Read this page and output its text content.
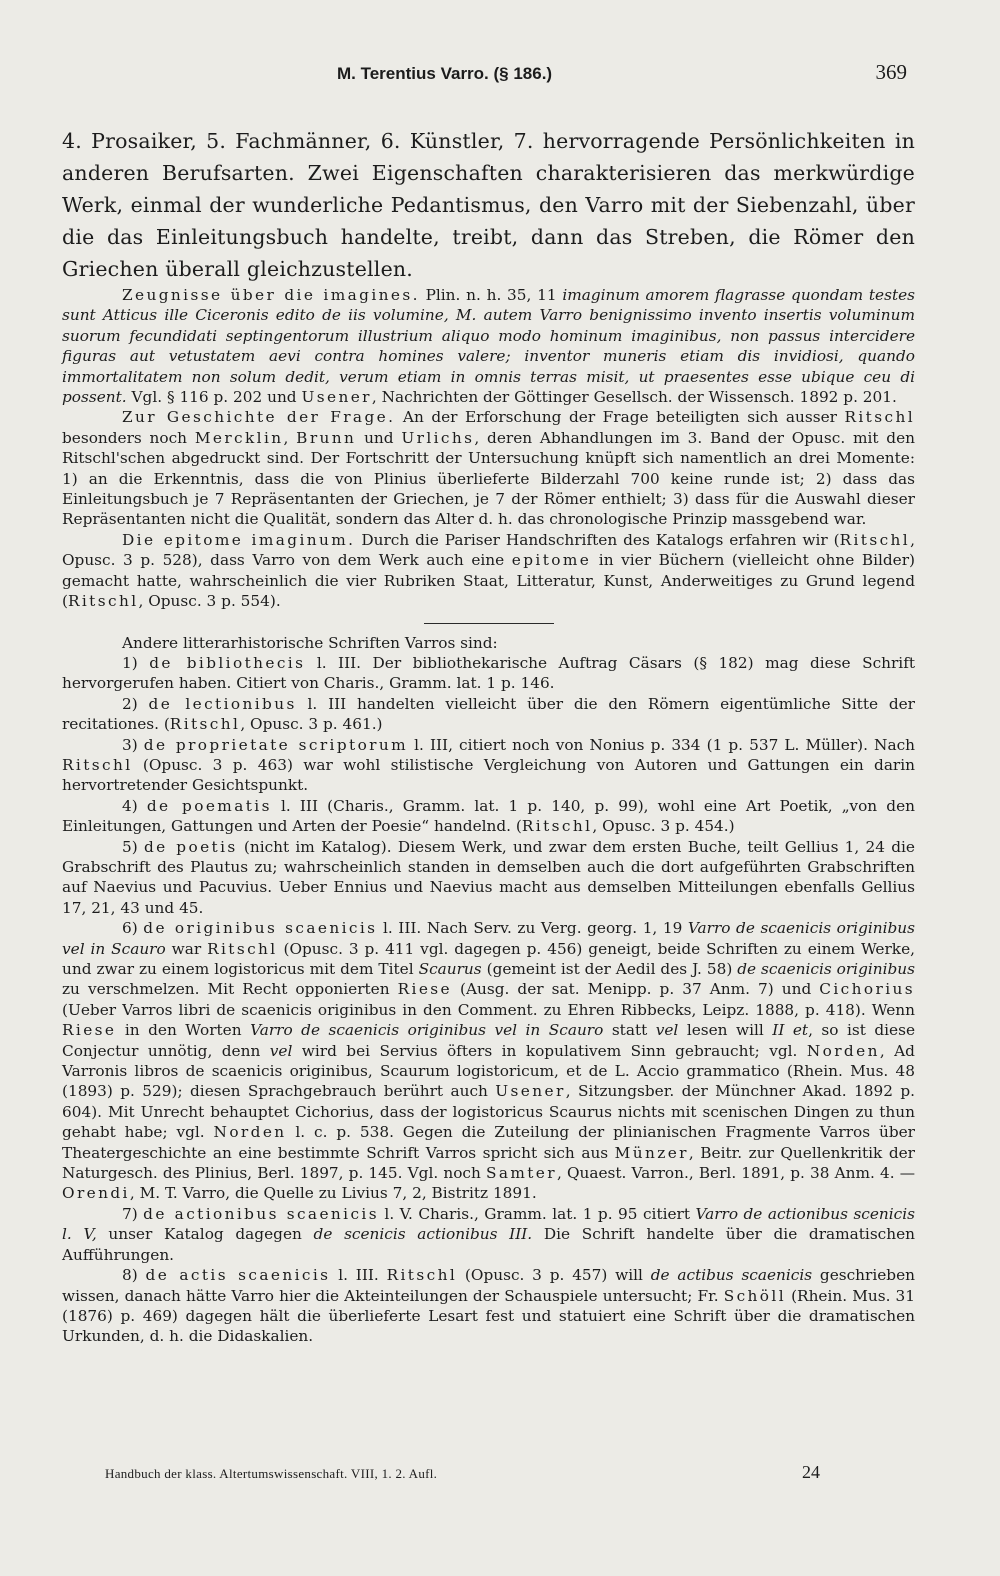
M. Terentius Varro. (§ 186.)	369

4. Prosaiker, 5. Fachmänner, 6. Künstler, 7. hervorragende Persönlichkeiten in anderen Berufsarten. Zwei Eigenschaften charakterisieren das merkwürdige Werk, einmal der wunderliche Pedantismus, den Varro mit der Siebenzahl, über die das Einleitungsbuch handelte, treibt, dann das Streben, die Römer den Griechen überall gleichzustellen.

Zeugnisse über die imagines. Plin. n. h. 35, 11 imaginum amorem flagrasse quondam testes sunt Atticus ille Ciceronis edito de iis volumine, M. autem Varro benignissimo invento insertis voluminum suorum fecundidati septingentorum illustrium aliquo modo hominum imaginibus, non passus intercidere figuras aut vetustatem aevi contra homines valere; inventor muneris etiam dis invidiosi, quando immortalitatem non solum dedit, verum etiam in omnis terras misit, ut praesentes esse ubique ceu di possent. Vgl. § 116 p. 202 und Usener, Nachrichten der Göttinger Gesellsch. der Wissensch. 1892 p. 201.

Zur Geschichte der Frage. An der Erforschung der Frage beteiligten sich ausser Ritschl besonders noch Mercklin, Brunn und Urlichs, deren Abhandlungen im 3. Band der Opusc. mit den Ritschl'schen abgedruckt sind. Der Fortschritt der Untersuchung knüpft sich namentlich an drei Momente: 1) an die Erkenntnis, dass die von Plinius überlieferte Bilderzahl 700 keine runde ist; 2) dass das Einleitungsbuch je 7 Repräsentanten der Griechen, je 7 der Römer enthielt; 3) dass für die Auswahl dieser Repräsentanten nicht die Qualität, sondern das Alter d. h. das chronologische Prinzip massgebend war.

Die epitome imaginum. Durch die Pariser Handschriften des Katalogs erfahren wir (Ritschl, Opusc. 3 p. 528), dass Varro von dem Werk auch eine epitome in vier Büchern (vielleicht ohne Bilder) gemacht hatte, wahrscheinlich die vier Rubriken Staat, Litteratur, Kunst, Anderweitiges zu Grund legend (Ritschl, Opusc. 3 p. 554).

Andere litterarhistorische Schriften Varros sind:

1) de bibliothecis l. III. Der bibliothekarische Auftrag Cäsars (§ 182) mag diese Schrift hervorgerufen haben. Citiert von Charis., Gramm. lat. 1 p. 146.

2) de lectionibus l. III handelten vielleicht über die den Römern eigentümliche Sitte der recitationes. (Ritschl, Opusc. 3 p. 461.)

3) de proprietate scriptorum l. III, citiert noch von Nonius p. 334 (1 p. 537 L. Müller). Nach Ritschl (Opusc. 3 p. 463) war wohl stilistische Vergleichung von Autoren und Gattungen ein darin hervortretender Gesichtspunkt.

4) de poematis l. III (Charis., Gramm. lat. 1 p. 140, p. 99), wohl eine Art Poetik, „von den Einleitungen, Gattungen und Arten der Poesie“ handelnd. (Ritschl, Opusc. 3 p. 454.)

5) de poetis (nicht im Katalog). Diesem Werk, und zwar dem ersten Buche, teilt Gellius 1, 24 die Grabschrift des Plautus zu; wahrscheinlich standen in demselben auch die dort aufgeführten Grabschriften auf Naevius und Pacuvius. Ueber Ennius und Naevius macht aus demselben Mitteilungen ebenfalls Gellius 17, 21, 43 und 45.

6) de originibus scaenicis l. III. Nach Serv. zu Verg. georg. 1, 19 Varro de scaenicis originibus vel in Scauro war Ritschl (Opusc. 3 p. 411 vgl. dagegen p. 456) geneigt, beide Schriften zu einem Werke, und zwar zu einem logistoricus mit dem Titel Scaurus (gemeint ist der Aedil des J. 58) de scaenicis originibus zu verschmelzen. Mit Recht opponierten Riese (Ausg. der sat. Menipp. p. 37 Anm. 7) und Cichorius (Ueber Varros libri de scaenicis originibus in den Comment. zu Ehren Ribbecks, Leipz. 1888, p. 418). Wenn Riese in den Worten Varro de scaenicis originibus vel in Scauro statt vel lesen will II et, so ist diese Conjectur unnötig, denn vel wird bei Servius öfters in kopulativem Sinn gebraucht; vgl. Norden, Ad Varronis libros de scaenicis originibus, Scaurum logistoricum, et de L. Accio grammatico (Rhein. Mus. 48 (1893) p. 529); diesen Sprachgebrauch berührt auch Usener, Sitzungsber. der Münchner Akad. 1892 p. 604). Mit Unrecht behauptet Cichorius, dass der logistoricus Scaurus nichts mit scenischen Dingen zu thun gehabt habe; vgl. Norden l. c. p. 538. Gegen die Zuteilung der plinianischen Fragmente Varros über Theatergeschichte an eine bestimmte Schrift Varros spricht sich aus Münzer, Beitr. zur Quellenkritik der Naturgesch. des Plinius, Berl. 1897, p. 145. Vgl. noch Samter, Quaest. Varron., Berl. 1891, p. 38 Anm. 4. — Orendi, M. T. Varro, die Quelle zu Livius 7, 2, Bistritz 1891.

7) de actionibus scaenicis l. V. Charis., Gramm. lat. 1 p. 95 citiert Varro de actionibus scenicis l. V, unser Katalog dagegen de scenicis actionibus III. Die Schrift handelte über die dramatischen Aufführungen.

8) de actis scaenicis l. III. Ritschl (Opusc. 3 p. 457) will de actibus scaenicis geschrieben wissen, danach hätte Varro hier die Akteinteilungen der Schauspiele untersucht; Fr. Schöll (Rhein. Mus. 31 (1876) p. 469) dagegen hält die überlieferte Lesart fest und statuiert eine Schrift über die dramatischen Urkunden, d. h. die Didaskalien.

Handbuch der klass. Altertumswissenschaft. VIII, 1. 2. Aufl.	24
